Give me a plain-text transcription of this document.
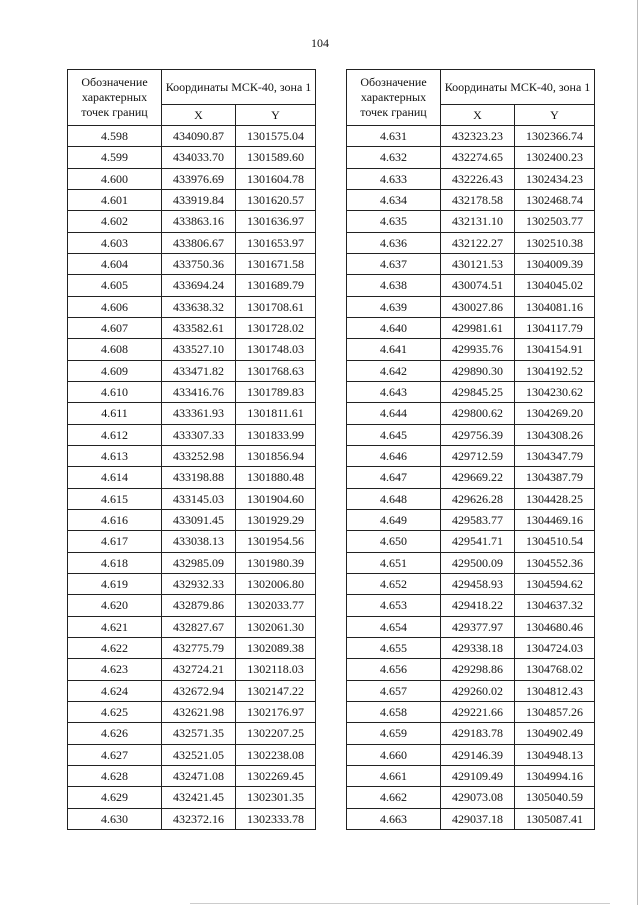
104
Обозначение характерных точек границ	Координаты МСК-40, зона 1	
	X	Y
4.598	434090.87	1301575.04
4.599	434033.70	1301589.60
4.600	433976.69	1301604.78
4.601	433919.84	1301620.57
4.602	433863.16	1301636.97
4.603	433806.67	1301653.97
4.604	433750.36	1301671.58
4.605	433694.24	1301689.79
4.606	433638.32	1301708.61
4.607	433582.61	1301728.02
4.608	433527.10	1301748.03
4.609	433471.82	1301768.63
4.610	433416.76	1301789.83
4.611	433361.93	1301811.61
4.612	433307.33	1301833.99
4.613	433252.98	1301856.94
4.614	433198.88	1301880.48
4.615	433145.03	1301904.60
4.616	433091.45	1301929.29
4.617	433038.13	1301954.56
4.618	432985.09	1301980.39
4.619	432932.33	1302006.80
4.620	432879.86	1302033.77
4.621	432827.67	1302061.30
4.622	432775.79	1302089.38
4.623	432724.21	1302118.03
4.624	432672.94	1302147.22
4.625	432621.98	1302176.97
4.626	432571.35	1302207.25
4.627	432521.05	1302238.08
4.628	432471.08	1302269.45
4.629	432421.45	1302301.35
4.630	432372.16	1302333.78
Обозначение характерных точек границ	Координаты МСК-40, зона 1	
	X	Y
4.631	432323.23	1302366.74
4.632	432274.65	1302400.23
4.633	432226.43	1302434.23
4.634	432178.58	1302468.74
4.635	432131.10	1302503.77
4.636	432122.27	1302510.38
4.637	430121.53	1304009.39
4.638	430074.51	1304045.02
4.639	430027.86	1304081.16
4.640	429981.61	1304117.79
4.641	429935.76	1304154.91
4.642	429890.30	1304192.52
4.643	429845.25	1304230.62
4.644	429800.62	1304269.20
4.645	429756.39	1304308.26
4.646	429712.59	1304347.79
4.647	429669.22	1304387.79
4.648	429626.28	1304428.25
4.649	429583.77	1304469.16
4.650	429541.71	1304510.54
4.651	429500.09	1304552.36
4.652	429458.93	1304594.62
4.653	429418.22	1304637.32
4.654	429377.97	1304680.46
4.655	429338.18	1304724.03
4.656	429298.86	1304768.02
4.657	429260.02	1304812.43
4.658	429221.66	1304857.26
4.659	429183.78	1304902.49
4.660	429146.39	1304948.13
4.661	429109.49	1304994.16
4.662	429073.08	1305040.59
4.663	429037.18	1305087.41
